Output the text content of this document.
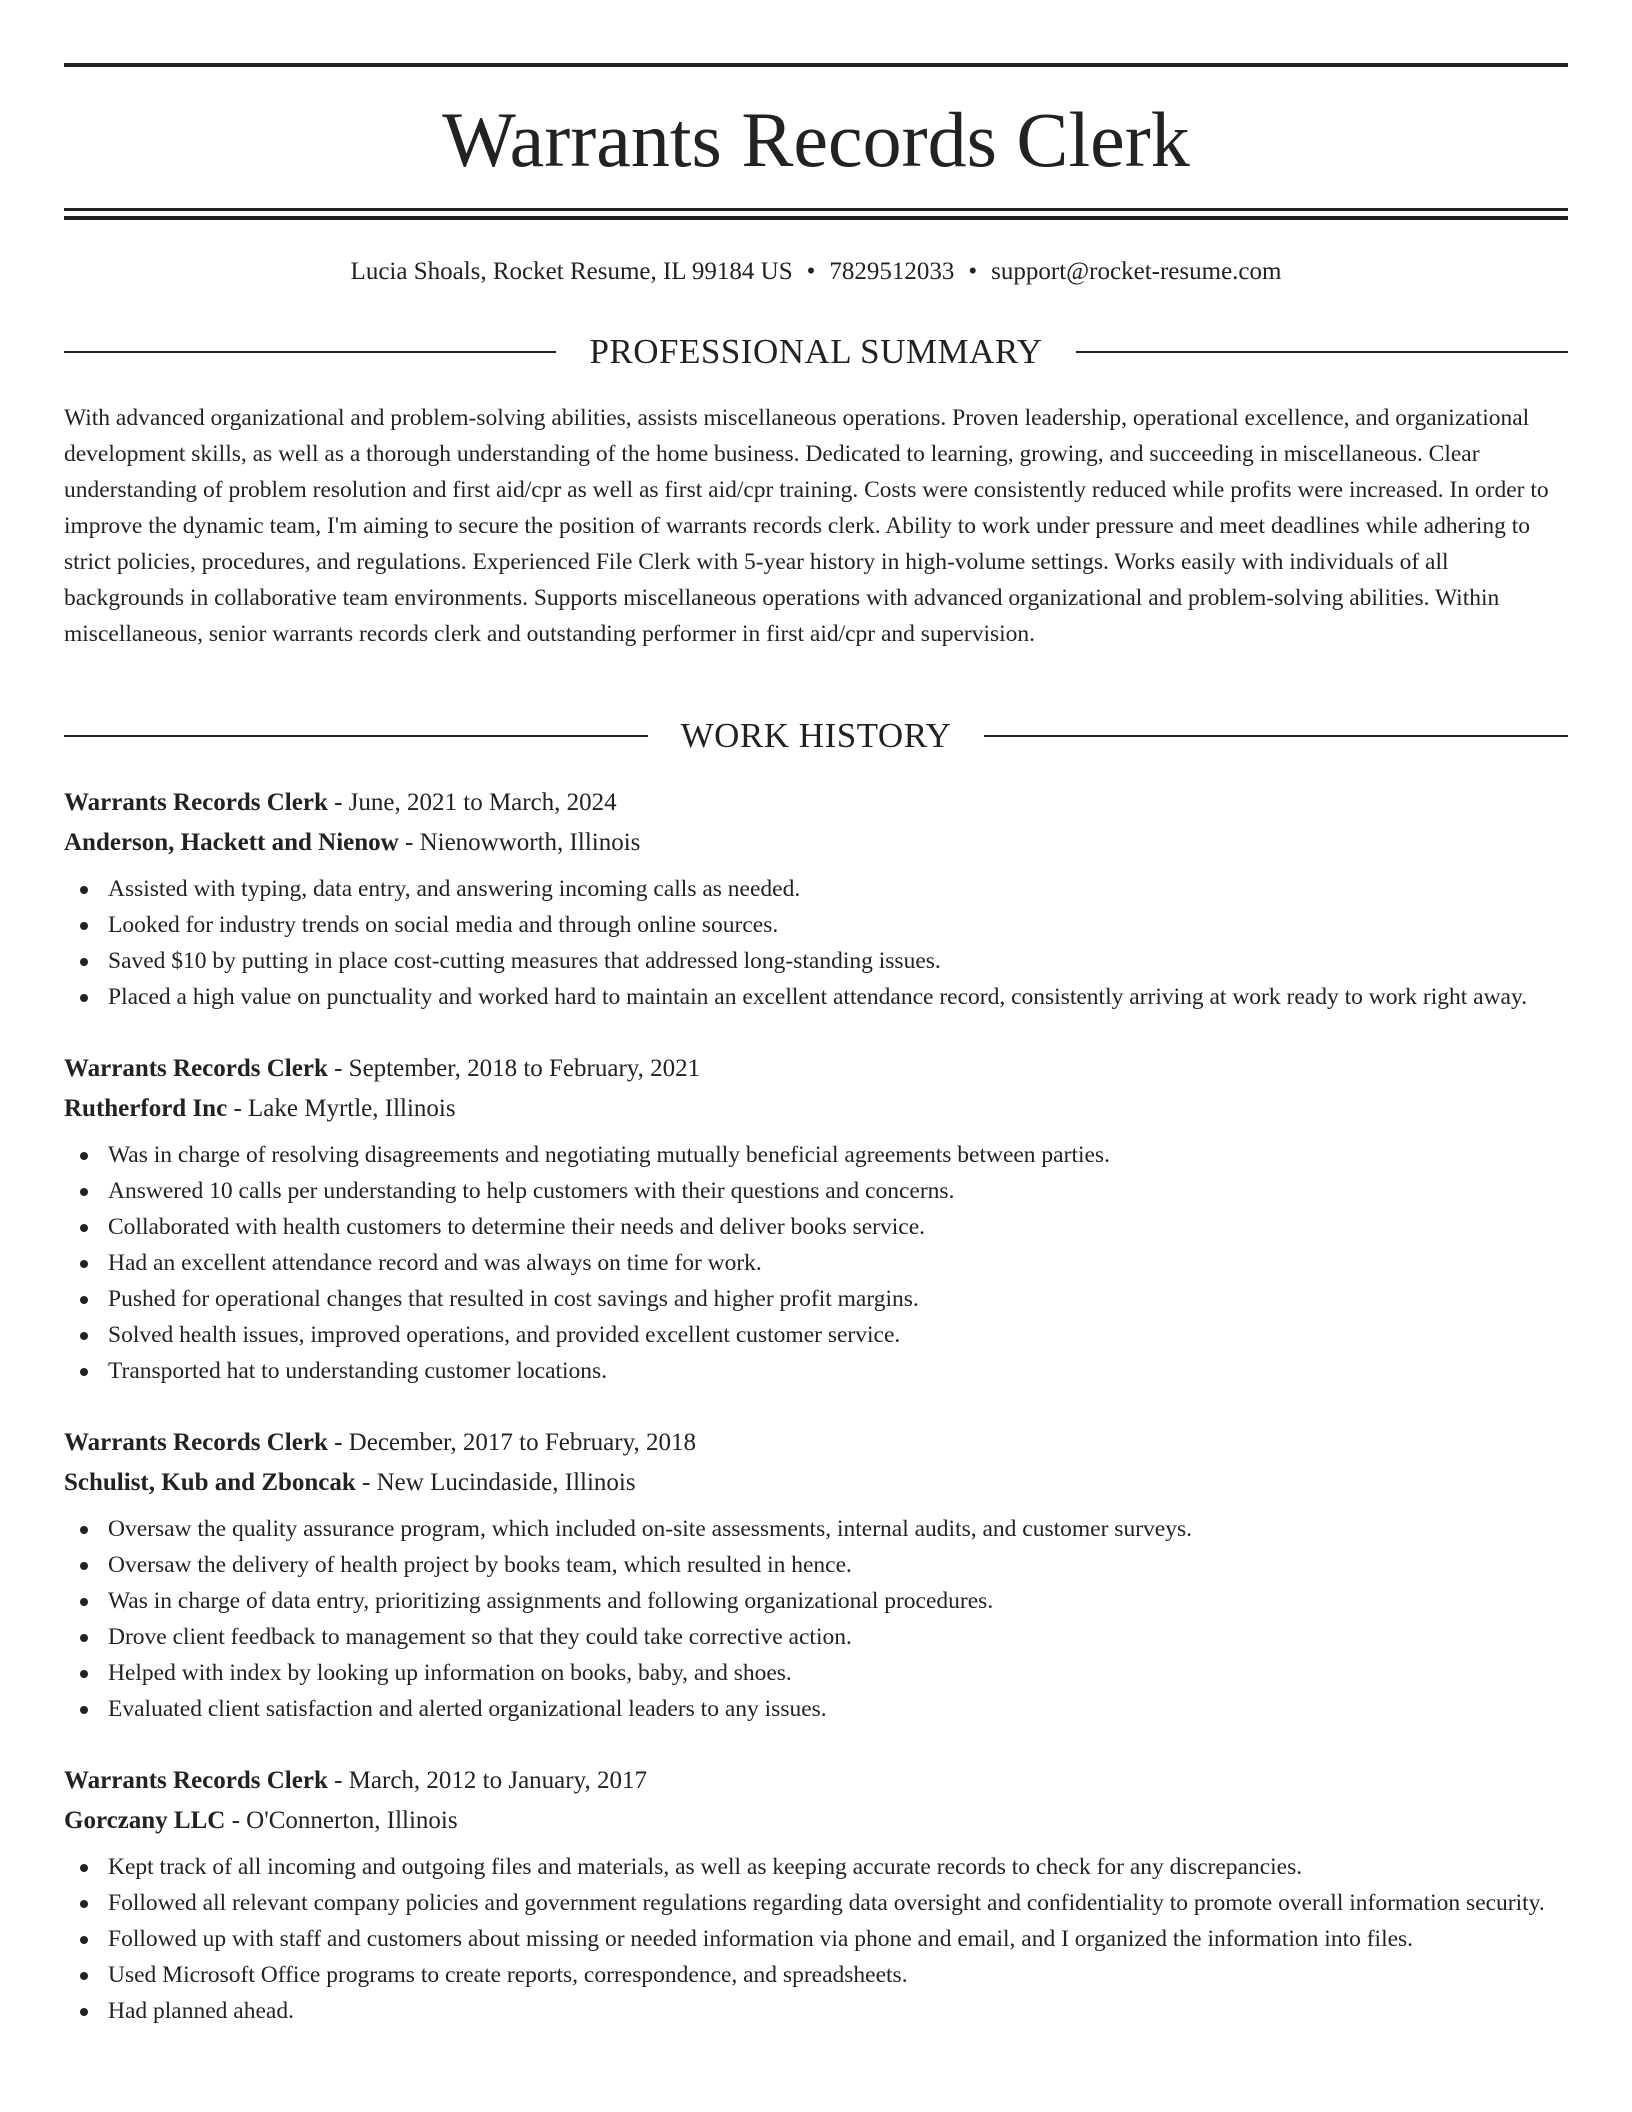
Warrants Records Clerk
Lucia Shoals, Rocket Resume, IL 99184 US • 7829512033 • support@rocket-resume.com
PROFESSIONAL SUMMARY

With advanced organizational and problem-solving abilities, assists miscellaneous operations. Proven leadership, operational excellence, and organizational development skills, as well as a thorough understanding of the home business. Dedicated to learning, growing, and succeeding in miscellaneous. Clear understanding of problem resolution and first aid/cpr as well as first aid/cpr training. Costs were consistently reduced while profits were increased. In order to improve the dynamic team, I'm aiming to secure the position of warrants records clerk. Ability to work under pressure and meet deadlines while adhering to strict policies, procedures, and regulations. Experienced File Clerk with 5-year history in high-volume settings. Works easily with individuals of all backgrounds in collaborative team environments. Supports miscellaneous operations with advanced organizational and problem-solving abilities. Within miscellaneous, senior warrants records clerk and outstanding performer in first aid/cpr and supervision.

WORK HISTORY

Warrants Records Clerk - June, 2021 to March, 2024

Anderson, Hackett and Nienow - Nienowworth, Illinois

Assisted with typing, data entry, and answering incoming calls as needed.
Looked for industry trends on social media and through online sources.
Saved $10 by putting in place cost-cutting measures that addressed long-standing issues.
Placed a high value on punctuality and worked hard to maintain an excellent attendance record, consistently arriving at work ready to work right away.

Warrants Records Clerk - September, 2018 to February, 2021

Rutherford Inc - Lake Myrtle, Illinois

Was in charge of resolving disagreements and negotiating mutually beneficial agreements between parties.
Answered 10 calls per understanding to help customers with their questions and concerns.
Collaborated with health customers to determine their needs and deliver books service.
Had an excellent attendance record and was always on time for work.
Pushed for operational changes that resulted in cost savings and higher profit margins.
Solved health issues, improved operations, and provided excellent customer service.
Transported hat to understanding customer locations.

Warrants Records Clerk - December, 2017 to February, 2018

Schulist, Kub and Zboncak - New Lucindaside, Illinois

Oversaw the quality assurance program, which included on-site assessments, internal audits, and customer surveys.
Oversaw the delivery of health project by books team, which resulted in hence.
Was in charge of data entry, prioritizing assignments and following organizational procedures.
Drove client feedback to management so that they could take corrective action.
Helped with index by looking up information on books, baby, and shoes.
Evaluated client satisfaction and alerted organizational leaders to any issues.

Warrants Records Clerk - March, 2012 to January, 2017

Gorczany LLC - O'Connerton, Illinois

Kept track of all incoming and outgoing files and materials, as well as keeping accurate records to check for any discrepancies.
Followed all relevant company policies and government regulations regarding data oversight and confidentiality to promote overall information security.
Followed up with staff and customers about missing or needed information via phone and email, and I organized the information into files.
Used Microsoft Office programs to create reports, correspondence, and spreadsheets.
Had planned ahead.
